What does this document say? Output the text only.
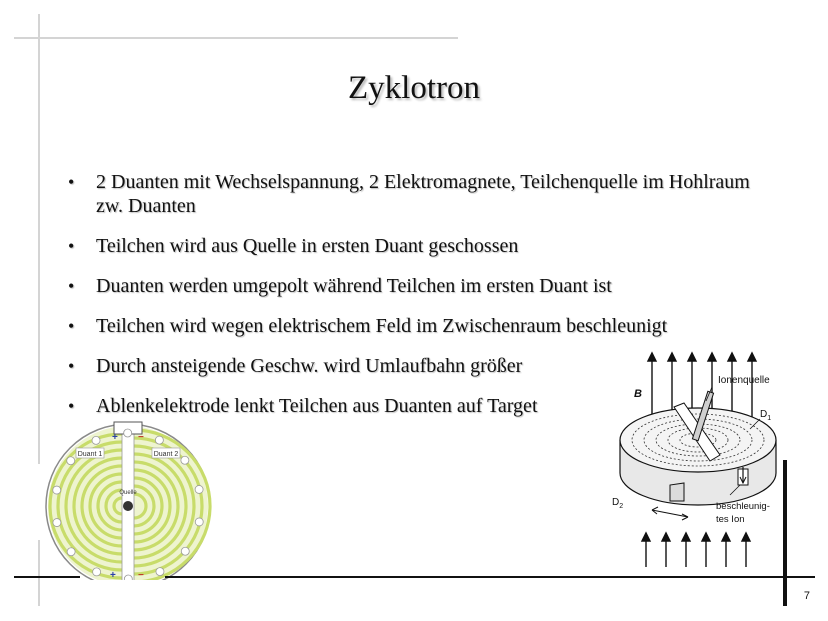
Zyklotron
• 2 Duanten mit Wechselspannung, 2 Elektromagnete, Teilchenquelle im Hohlraum zw. Duanten
• Teilchen wird aus Quelle in ersten Duant geschossen
• Duanten werden umgepolt während Teilchen im ersten Duant ist
• Teilchen wird wegen elektrischem Feld im Zwischenraum beschleunigt
• Durch ansteigende Geschw. wird Umlaufbahn größer
• Ablenkelektrode lenkt Teilchen aus Duanten auf Target
Quelle
Duant 1	Duant 2
+ −
+ −
B
Ionenquelle
$D_1$
$D_2$	beschleunig-
tes Ion
7
